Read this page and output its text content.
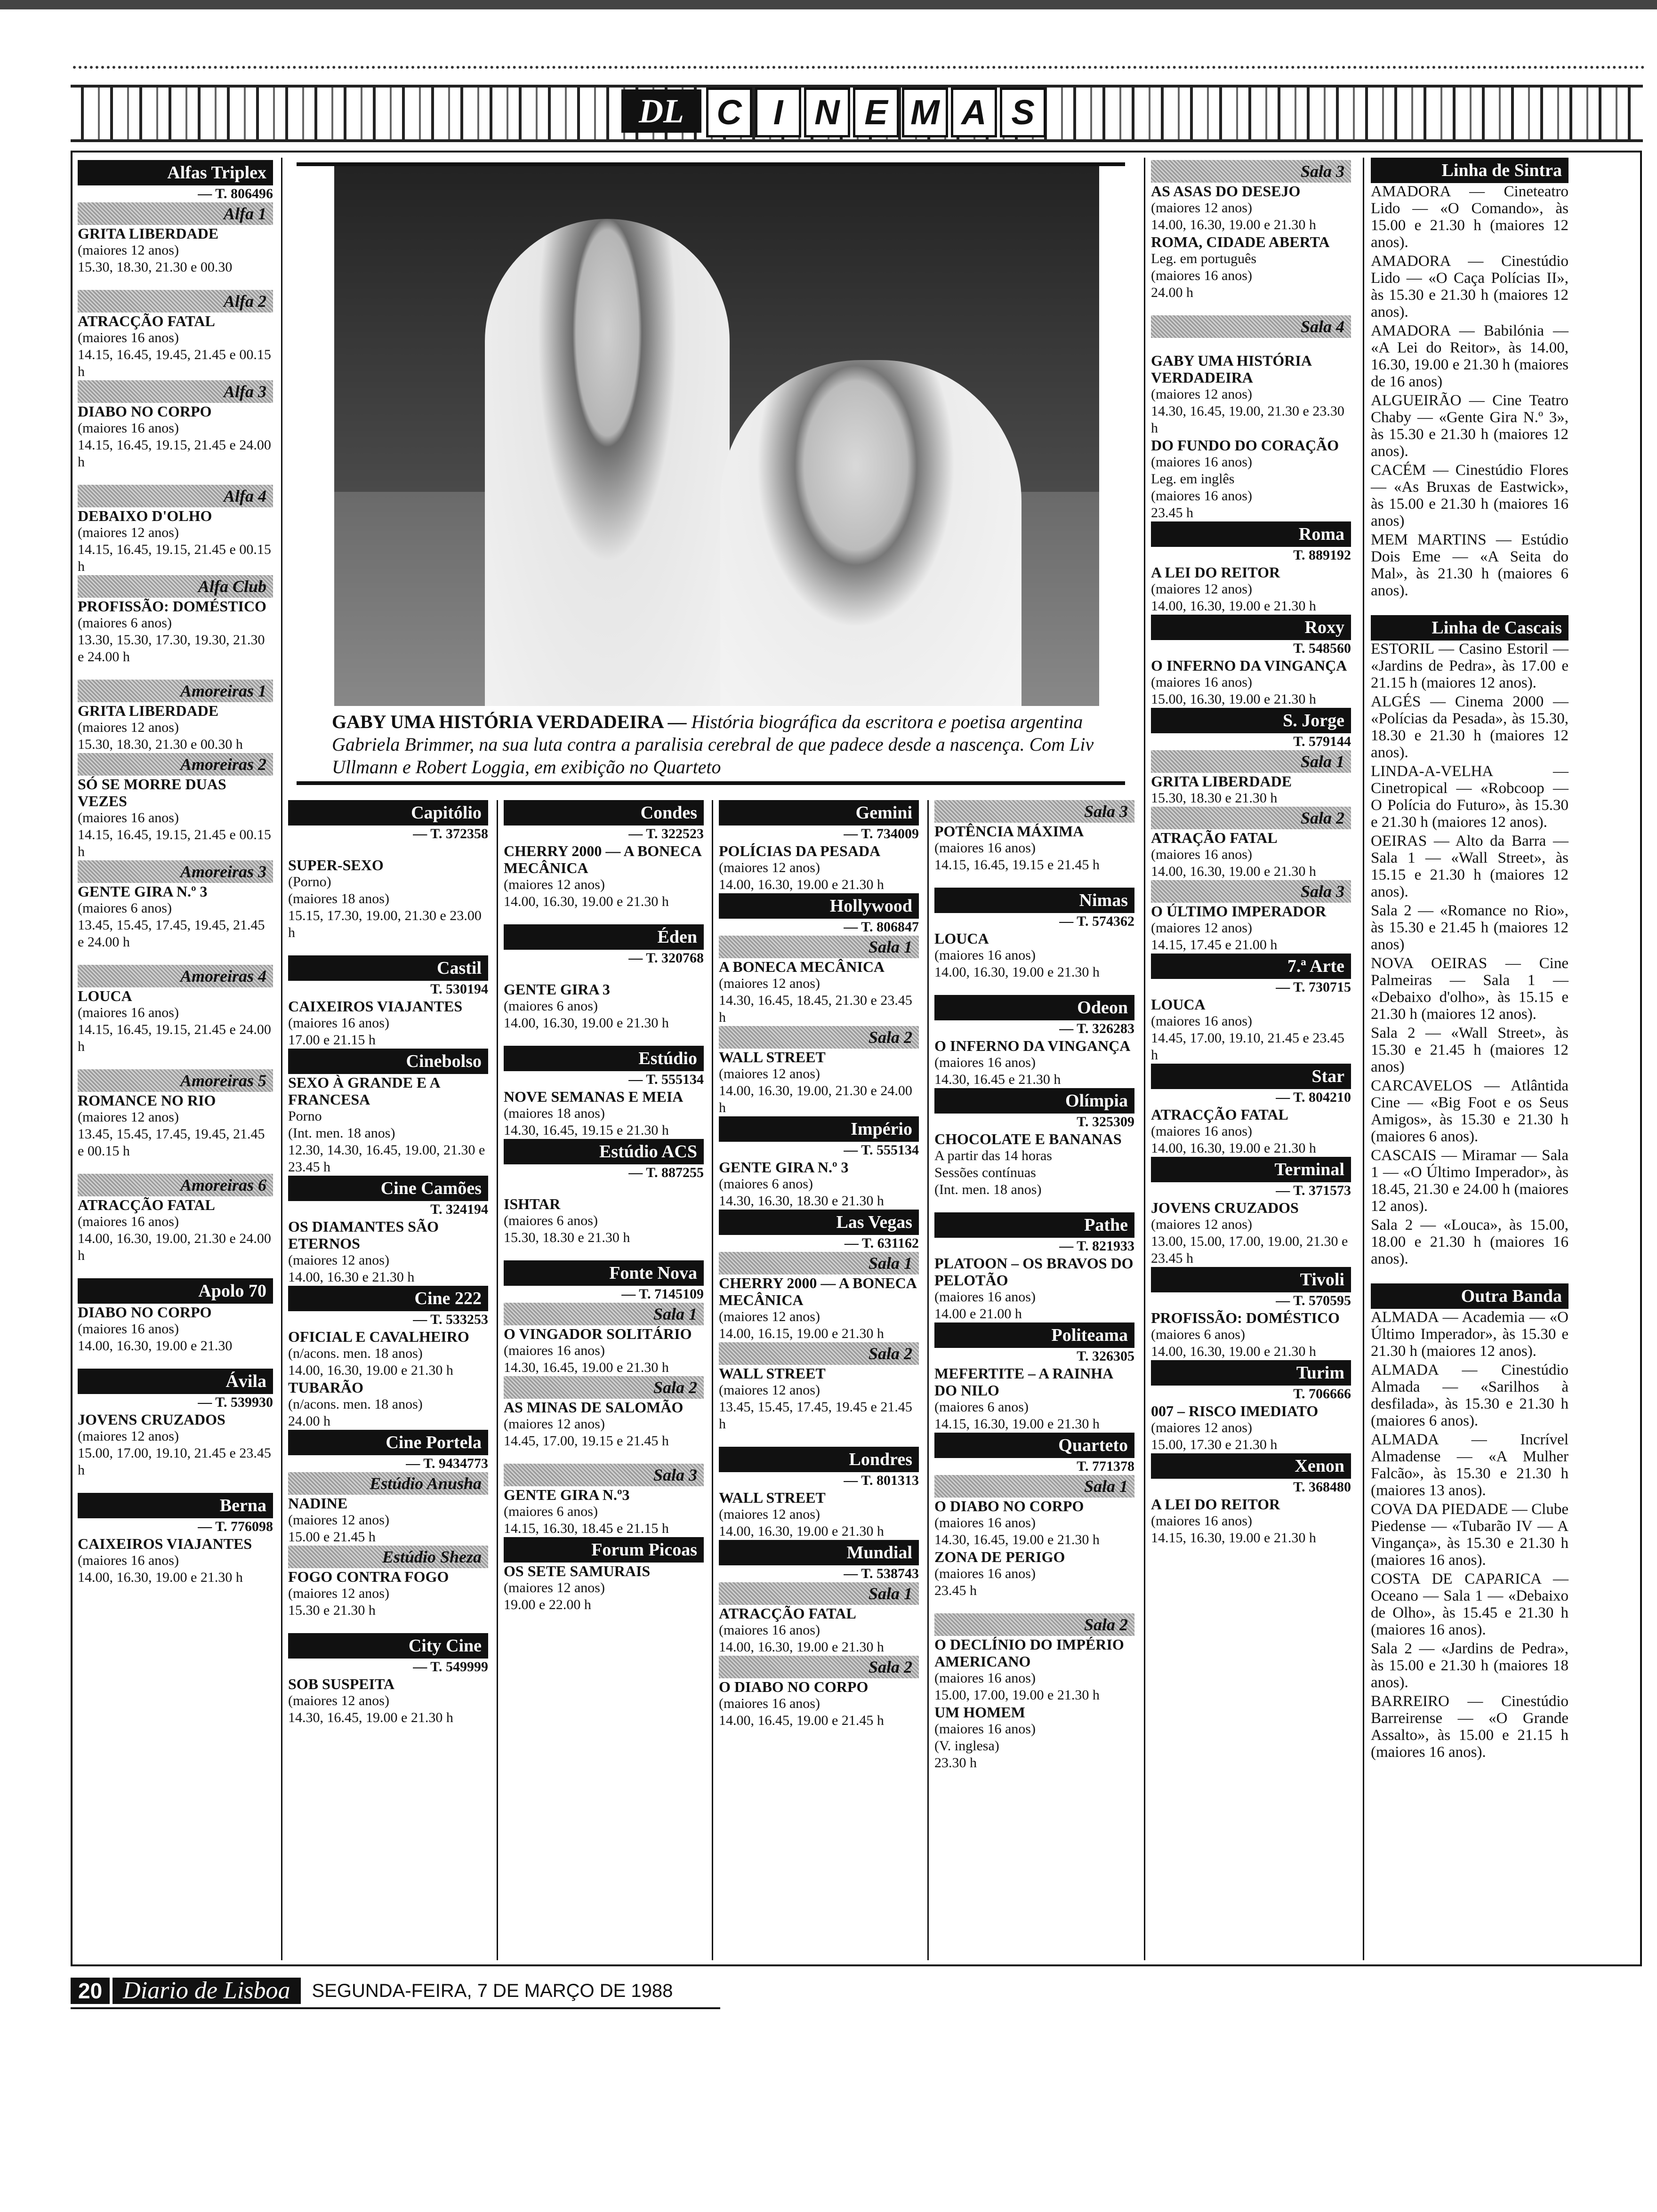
DL C I N E M A S
GABY UMA HISTÓRIA VERDADEIRA — História biográfica da escritora e poetisa argentina Gabriela Brimmer, na sua luta contra a paralisia cerebral de que padece desde a nascença. Com Liv Ullmann e Robert Loggia, em exibição no Quarteto
Alfas Triplex
— T. 806496
Alfa 1
GRITA LIBERDADE
(maiores 12 anos)
15.30, 18.30, 21.30 e 00.30
Alfa 2
ATRACÇÃO FATAL
(maiores 16 anos)
14.15, 16.45, 19.45, 21.45 e 00.15 h
Alfa 3
DIABO NO CORPO
(maiores 16 anos)
14.15, 16.45, 19.15, 21.45 e 24.00 h
Alfa 4
DEBAIXO D'OLHO
(maiores 12 anos)
14.15, 16.45, 19.15, 21.45 e 00.15 h
Alfa Club
PROFISSÃO: DOMÉSTICO
(maiores 6 anos)
13.30, 15.30, 17.30, 19.30, 21.30 e 24.00 h
Amoreiras 1
GRITA LIBERDADE
(maiores 12 anos)
15.30, 18.30, 21.30 e 00.30 h
Amoreiras 2
SÓ SE MORRE DUAS VEZES
(maiores 16 anos)
14.15, 16.45, 19.15, 21.45 e 00.15 h
Amoreiras 3
GENTE GIRA N.º 3
(maiores 6 anos)
13.45, 15.45, 17.45, 19.45, 21.45 e 24.00 h
Amoreiras 4
LOUCA
(maiores 16 anos)
14.15, 16.45, 19.15, 21.45 e 24.00 h
Amoreiras 5
ROMANCE NO RIO
(maiores 12 anos)
13.45, 15.45, 17.45, 19.45, 21.45 e 00.15 h
Amoreiras 6
ATRACÇÃO FATAL
(maiores 16 anos)
14.00, 16.30, 19.00, 21.30 e 24.00 h
Apolo 70
DIABO NO CORPO
(maiores 16 anos)
14.00, 16.30, 19.00 e 21.30
Ávila
— T. 539930
JOVENS CRUZADOS
(maiores 12 anos)
15.00, 17.00, 19.10, 21.45 e 23.45 h
Berna
— T. 776098
CAIXEIROS VIAJANTES
(maiores 16 anos)
14.00, 16.30, 19.00 e 21.30 h
Capitólio
— T. 372358
SUPER-SEXO
(Porno)
(maiores 18 anos)
15.15, 17.30, 19.00, 21.30 e 23.00 h
Castil
T. 530194
CAIXEIROS VIAJANTES
(maiores 16 anos)
17.00 e 21.15 h
Cinebolso
SEXO À GRANDE E A FRANCESA
Porno
(Int. men. 18 anos)
12.30, 14.30, 16.45, 19.00, 21.30 e 23.45 h
Cine Camões
T. 324194
OS DIAMANTES SÃO ETERNOS
(maiores 12 anos)
14.00, 16.30 e 21.30 h
Cine 222
— T. 533253
OFICIAL E CAVALHEIRO
(n/acons. men. 18 anos)
14.00, 16.30, 19.00 e 21.30 h
TUBARÃO
(n/acons. men. 18 anos)
24.00 h
Cine Portela
— T. 9434773
Estúdio Anusha
NADINE
(maiores 12 anos)
15.00 e 21.45 h
Estúdio Sheza
FOGO CONTRA FOGO
(maiores 12 anos)
15.30 e 21.30 h
City Cine
— T. 549999
SOB SUSPEITA
(maiores 12 anos)
14.30, 16.45, 19.00 e 21.30 h
Condes
— T. 322523
CHERRY 2000 — A BONECA MECÂNICA
(maiores 12 anos)
14.00, 16.30, 19.00 e 21.30 h
Éden
— T. 320768
GENTE GIRA 3
(maiores 6 anos)
14.00, 16.30, 19.00 e 21.30 h
Estúdio
— T. 555134
NOVE SEMANAS E MEIA
(maiores 18 anos)
14.30, 16.45, 19.15 e 21.30 h
Estúdio ACS
— T. 887255
ISHTAR
(maiores 6 anos)
15.30, 18.30 e 21.30 h
Fonte Nova
— T. 7145109
Sala 1
O VINGADOR SOLITÁRIO
(maiores 16 anos)
14.30, 16.45, 19.00 e 21.30 h
Sala 2
AS MINAS DE SALOMÃO
(maiores 12 anos)
14.45, 17.00, 19.15 e 21.45 h
Sala 3
GENTE GIRA N.º3
(maiores 6 anos)
14.15, 16.30, 18.45 e 21.15 h
Forum Picoas
OS SETE SAMURAIS
(maiores 12 anos)
19.00 e 22.00 h
Gemini
— T. 734009
POLÍCIAS DA PESADA
(maiores 12 anos)
14.00, 16.30, 19.00 e 21.30 h
Hollywood
— T. 806847
Sala 1
A BONECA MECÂNICA
(maiores 12 anos)
14.30, 16.45, 18.45, 21.30 e 23.45 h
Sala 2
WALL STREET
(maiores 12 anos)
14.00, 16.30, 19.00, 21.30 e 24.00 h
Império
— T. 555134
GENTE GIRA N.º 3
(maiores 6 anos)
14.30, 16.30, 18.30 e 21.30 h
Las Vegas
— T. 631162
Sala 1
CHERRY 2000 — A BONECA MECÂNICA
(maiores 12 anos)
14.00, 16.15, 19.00 e 21.30 h
Sala 2
WALL STREET
(maiores 12 anos)
13.45, 15.45, 17.45, 19.45 e 21.45 h
Londres
— T. 801313
WALL STREET
(maiores 12 anos)
14.00, 16.30, 19.00 e 21.30 h
Mundial
— T. 538743
Sala 1
ATRACÇÃO FATAL
(maiores 16 anos)
14.00, 16.30, 19.00 e 21.30 h
Sala 2
O DIABO NO CORPO
(maiores 16 anos)
14.00, 16.45, 19.00 e 21.45 h
Sala 3
POTÊNCIA MÁXIMA
(maiores 16 anos)
14.15, 16.45, 19.15 e 21.45 h
Nimas
— T. 574362
LOUCA
(maiores 16 anos)
14.00, 16.30, 19.00 e 21.30 h
Odeon
— T. 326283
O INFERNO DA VINGANÇA
(maiores 16 anos)
14.30, 16.45 e 21.30 h
Olímpia
T. 325309
CHOCOLATE E BANANAS
A partir das 14 horas
Sessões contínuas
(Int. men. 18 anos)
Pathe
— T. 821933
PLATOON – OS BRAVOS DO PELOTÃO
(maiores 16 anos)
14.00 e 21.00 h
Politeama
T. 326305
MEFERTITE – A RAINHA DO NILO
(maiores 6 anos)
14.15, 16.30, 19.00 e 21.30 h
Quarteto
T. 771378
Sala 1
O DIABO NO CORPO
(maiores 16 anos)
14.30, 16.45, 19.00 e 21.30 h
ZONA DE PERIGO
(maiores 16 anos)
23.45 h
Sala 2
O DECLÍNIO DO IMPÉRIO AMERICANO
(maiores 16 anos)
15.00, 17.00, 19.00 e 21.30 h
UM HOMEM
(maiores 16 anos)
(V. inglesa)
23.30 h
Sala 3
AS ASAS DO DESEJO
(maiores 12 anos)
14.00, 16.30, 19.00 e 21.30 h
ROMA, CIDADE ABERTA
Leg. em português
(maiores 16 anos)
24.00 h
Sala 4
GABY UMA HISTÓRIA VERDADEIRA
(maiores 12 anos)
14.30, 16.45, 19.00, 21.30 e 23.30 h
DO FUNDO DO CORAÇÃO
(maiores 16 anos)
Leg. em inglês
(maiores 16 anos)
23.45 h
Roma
T. 889192
A LEI DO REITOR
(maiores 12 anos)
14.00, 16.30, 19.00 e 21.30 h
Roxy
T. 548560
O INFERNO DA VINGANÇA
(maiores 16 anos)
15.00, 16.30, 19.00 e 21.30 h
S. Jorge
T. 579144
Sala 1
GRITA LIBERDADE
15.30, 18.30 e 21.30 h
Sala 2
ATRAÇÃO FATAL
(maiores 16 anos)
14.00, 16.30, 19.00 e 21.30 h
Sala 3
O ÚLTIMO IMPERADOR
(maiores 12 anos)
14.15, 17.45 e 21.00 h
7.ª Arte
— T. 730715
LOUCA
(maiores 16 anos)
14.45, 17.00, 19.10, 21.45 e 23.45 h
Star
— T. 804210
ATRACÇÃO FATAL
(maiores 16 anos)
14.00, 16.30, 19.00 e 21.30 h
Terminal
— T. 371573
JOVENS CRUZADOS
(maiores 12 anos)
13.00, 15.00, 17.00, 19.00, 21.30 e 23.45 h
Tivoli
— T. 570595
PROFISSÃO: DOMÉSTICO
(maiores 6 anos)
14.00, 16.30, 19.00 e 21.30 h
Turim
T. 706666
007 – RISCO IMEDIATO
(maiores 12 anos)
15.00, 17.30 e 21.30 h
Xenon
T. 368480
A LEI DO REITOR
(maiores 16 anos)
14.15, 16.30, 19.00 e 21.30 h
Linha de Sintra
AMADORA — Cineteatro Lido — «O Comando», às 15.00 e 21.30 h (maiores 12 anos).
AMADORA — Cinestúdio Lido — «O Caça Polícias II», às 15.30 e 21.30 h (maiores 12 anos).
AMADORA — Babilónia — «A Lei do Reitor», às 14.00, 16.30, 19.00 e 21.30 h (maiores de 16 anos)
ALGUEIRÃO — Cine Teatro Chaby — «Gente Gira N.º 3», às 15.30 e 21.30 h (maiores 12 anos).
CACÉM — Cinestúdio Flores — «As Bruxas de Eastwick», às 15.00 e 21.30 h (maiores 16 anos)
MEM MARTINS — Estúdio Dois Eme — «A Seita do Mal», às 21.30 h (maiores 6 anos).
Linha de Cascais
ESTORIL — Casino Estoril — «Jardins de Pedra», às 17.00 e 21.15 h (maiores 12 anos).
ALGÉS — Cinema 2000 — «Polícias da Pesada», às 15.30, 18.30 e 21.30 h (maiores 12 anos).
LINDA-A-VELHA — Cinetropical — «Robcoop — O Polícia do Futuro», às 15.30 e 21.30 h (maiores 12 anos).
OEIRAS — Alto da Barra — Sala 1 — «Wall Street», às 15.15 e 21.30 h (maiores 12 anos).
Sala 2 — «Romance no Rio», às 15.30 e 21.45 h (maiores 12 anos)
NOVA OEIRAS — Cine Palmeiras — Sala 1 — «Debaixo d'olho», às 15.15 e 21.30 h (maiores 12 anos).
Sala 2 — «Wall Street», às 15.30 e 21.45 h (maiores 12 anos)
CARCAVELOS — Atlântida Cine — «Big Foot e os Seus Amigos», às 15.30 e 21.30 h (maiores 6 anos).
CASCAIS — Miramar — Sala 1 — «O Último Imperador», às 18.45, 21.30 e 24.00 h (maiores 12 anos).
Sala 2 — «Louca», às 15.00, 18.00 e 21.30 h (maiores 16 anos).
Outra Banda
ALMADA — Academia — «O Último Imperador», às 15.30 e 21.30 h (maiores 12 anos).
ALMADA — Cinestúdio Almada — «Sarilhos à desfilada», às 15.30 e 21.30 h (maiores 6 anos).
ALMADA — Incrível Almadense — «A Mulher Falcão», às 15.30 e 21.30 h (maiores 13 anos).
COVA DA PIEDADE — Clube Piedense — «Tubarão IV — A Vingança», às 15.30 e 21.30 h (maiores 16 anos).
COSTA DE CAPARICA — Oceano — Sala 1 — «Debaixo de Olho», às 15.45 e 21.30 h (maiores 16 anos).
Sala 2 — «Jardins de Pedra», às 15.00 e 21.30 h (maiores 18 anos).
BARREIRO — Cinestúdio Barreirense — «O Grande Assalto», às 15.00 e 21.15 h (maiores 16 anos).
20 Diario de Lisboa	SEGUNDA-FEIRA, 7 DE MARÇO DE 1988
